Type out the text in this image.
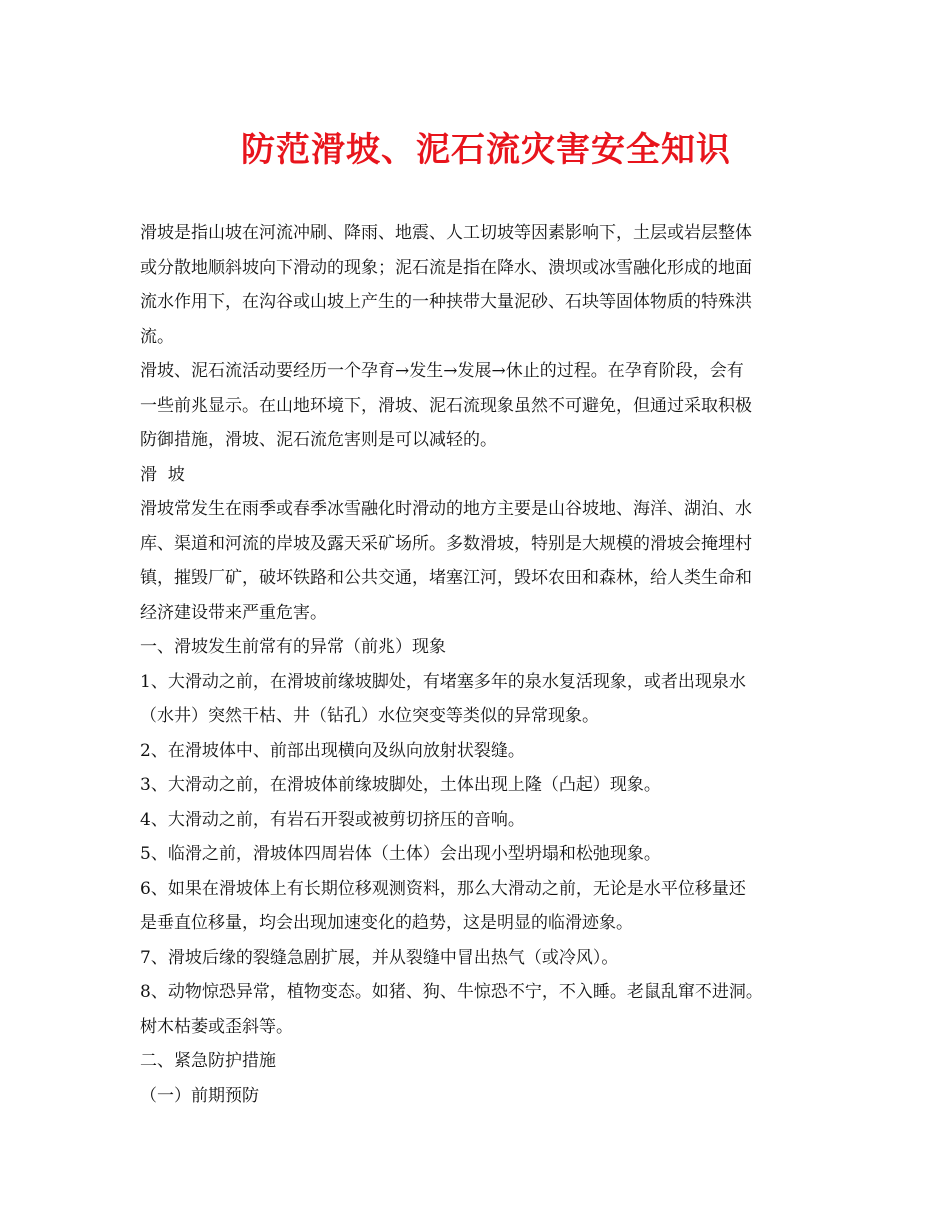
防范滑坡、泥石流灾害安全知识
滑坡是指山坡在河流冲刷、降雨、地震、人工切坡等因素影响下，土层或岩层整体
或分散地顺斜坡向下滑动的现象；泥石流是指在降水、溃坝或冰雪融化形成的地面
流水作用下，在沟谷或山坡上产生的一种挟带大量泥砂、石块等固体物质的特殊洪
流。
滑坡、泥石流活动要经历一个孕育→发生→发展→休止的过程。在孕育阶段，会有
一些前兆显示。在山地环境下，滑坡、泥石流现象虽然不可避免，但通过采取积极
防御措施，滑坡、泥石流危害则是可以减轻的。
滑  坡
滑坡常发生在雨季或春季冰雪融化时滑动的地方主要是山谷坡地、海洋、湖泊、水
库、渠道和河流的岸坡及露天采矿场所。多数滑坡，特别是大规模的滑坡会掩埋村
镇，摧毁厂矿，破坏铁路和公共交通，堵塞江河，毁坏农田和森林，给人类生命和
经济建设带来严重危害。
一、滑坡发生前常有的异常（前兆）现象
1、大滑动之前，在滑坡前缘坡脚处，有堵塞多年的泉水复活现象，或者出现泉水
（水井）突然干枯、井（钻孔）水位突变等类似的异常现象。
2、在滑坡体中、前部出现横向及纵向放射状裂缝。
3、大滑动之前，在滑坡体前缘坡脚处，土体出现上隆（凸起）现象。
4、大滑动之前，有岩石开裂或被剪切挤压的音响。
5、临滑之前，滑坡体四周岩体（土体）会出现小型坍塌和松弛现象。
6、如果在滑坡体上有长期位移观测资料，那么大滑动之前，无论是水平位移量还
是垂直位移量，均会出现加速变化的趋势，这是明显的临滑迹象。
7、滑坡后缘的裂缝急剧扩展，并从裂缝中冒出热气（或冷风）。
8、动物惊恐异常，植物变态。如猪、狗、牛惊恐不宁，不入睡。老鼠乱窜不进洞。
树木枯萎或歪斜等。
二、紧急防护措施
（一）前期预防
